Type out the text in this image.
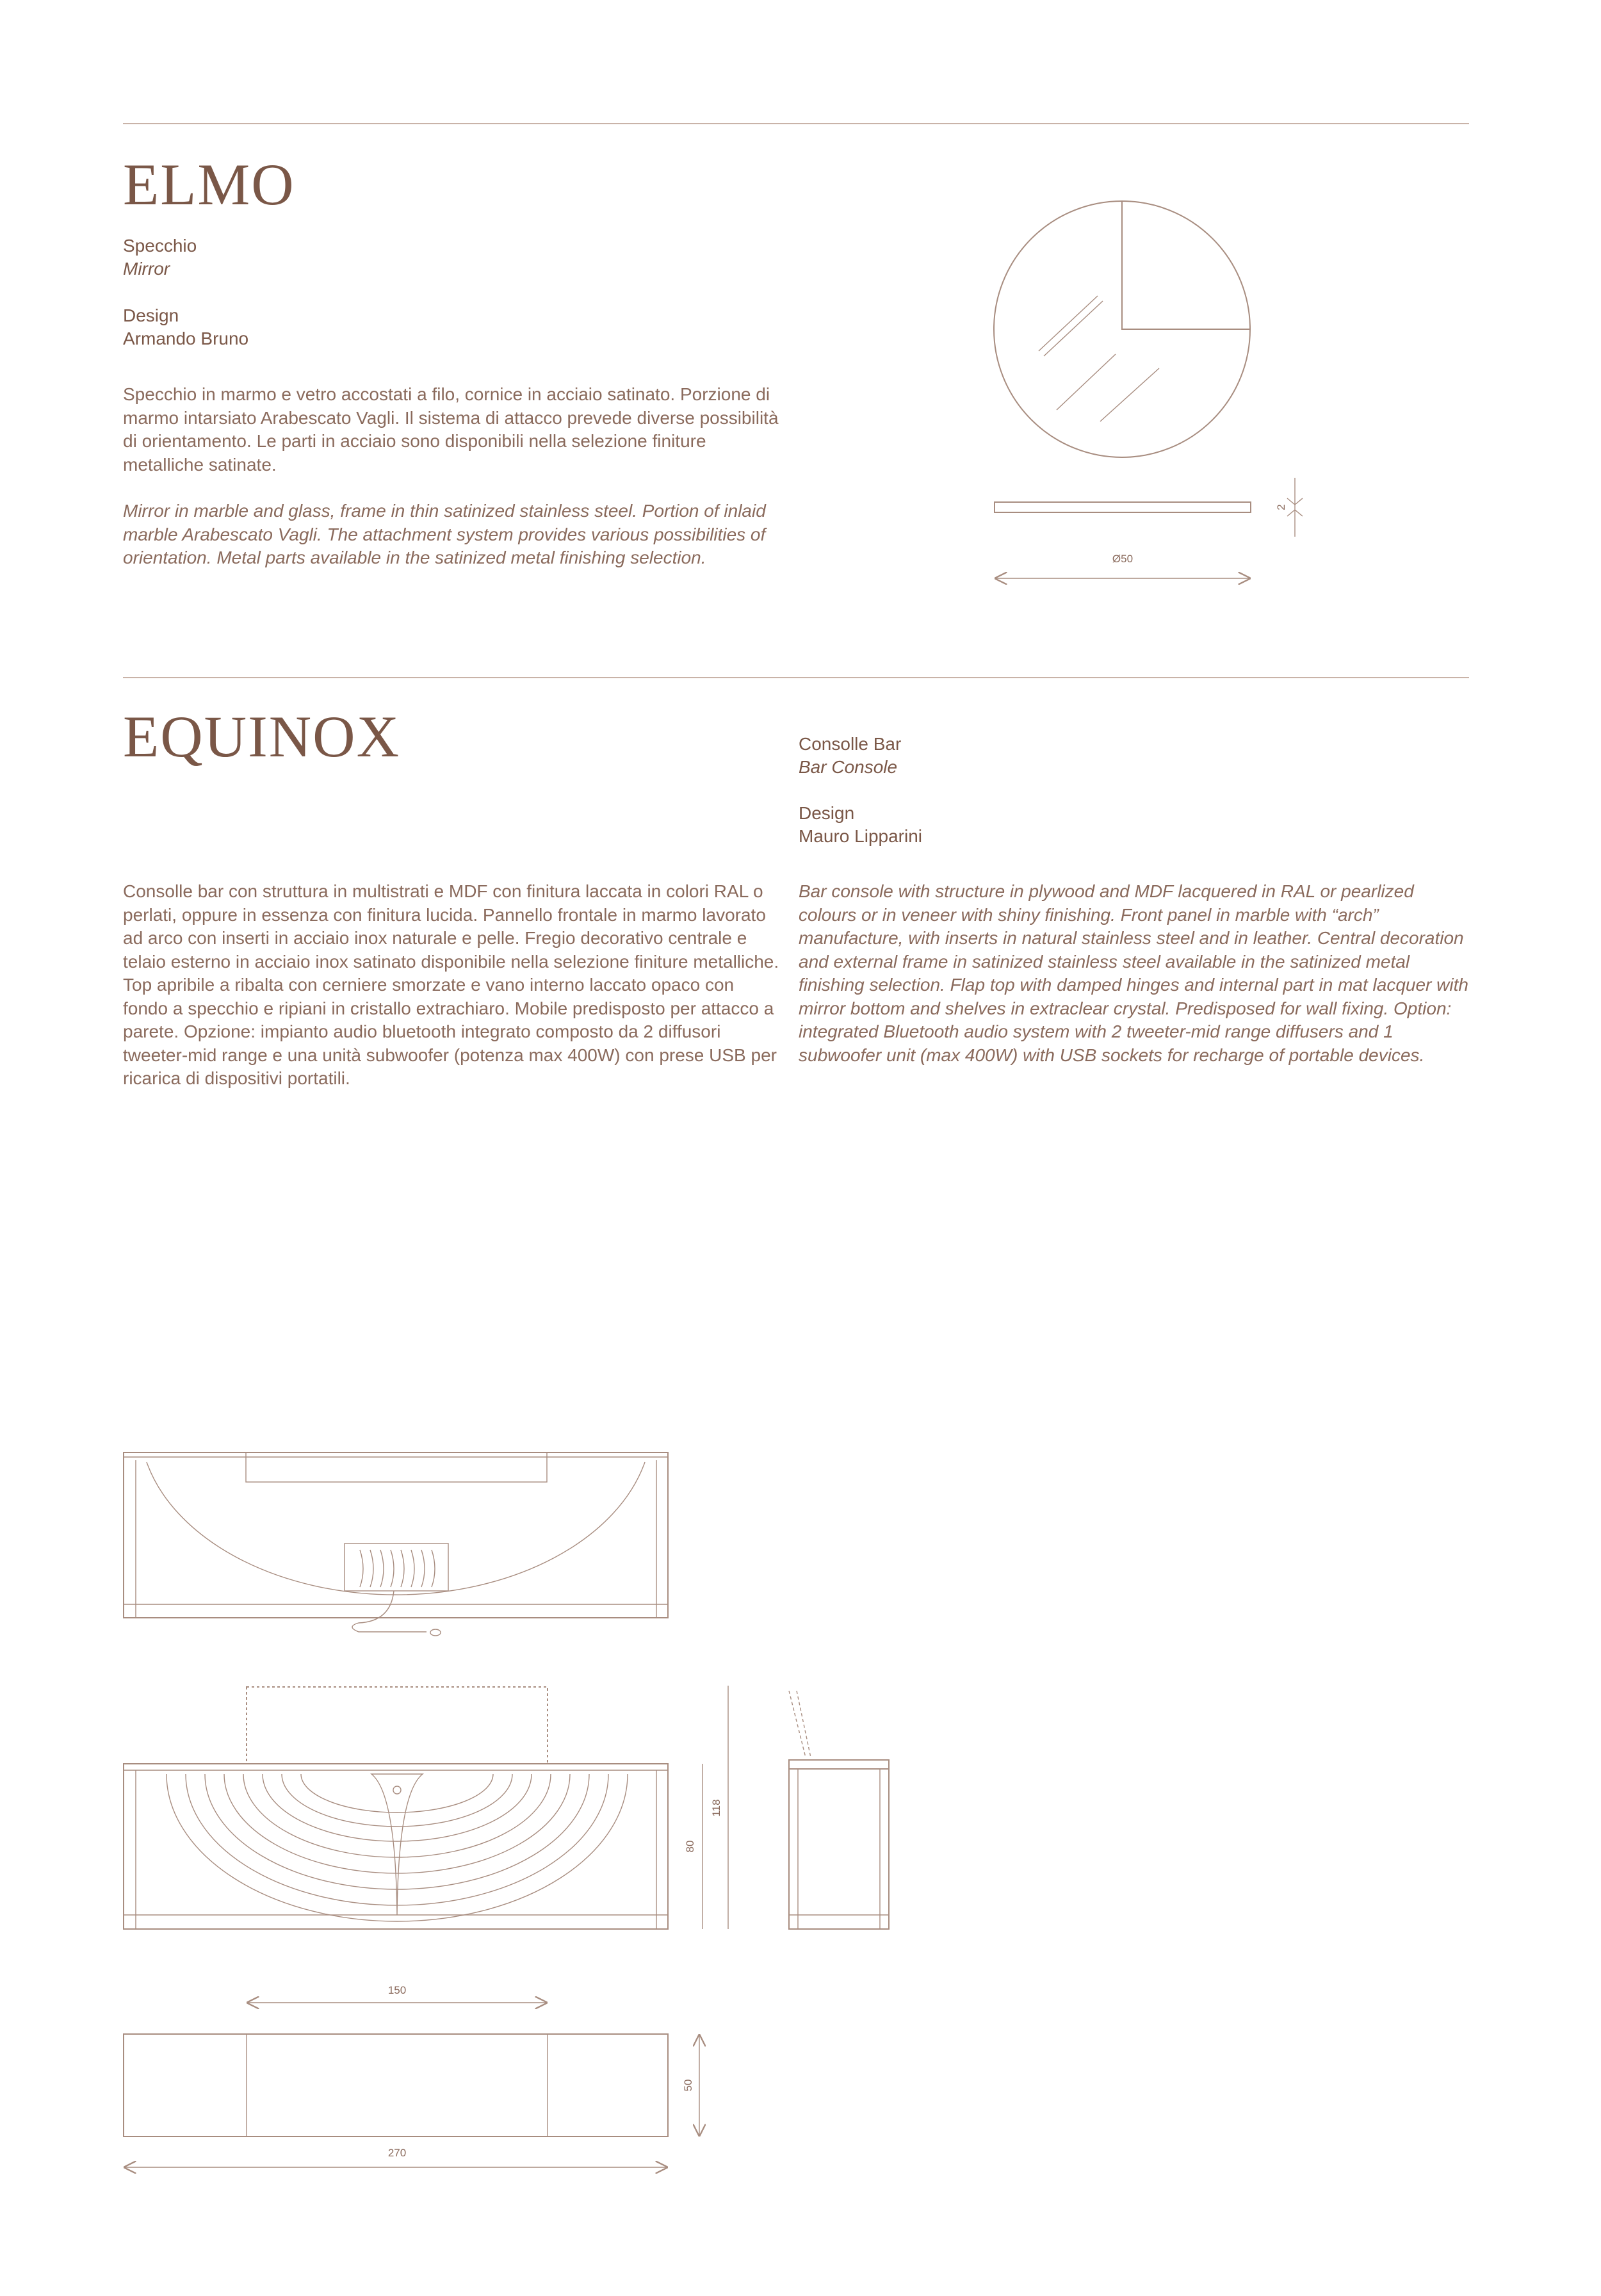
ELMO
Specchio
Mirror
Design
Armando Bruno

Specchio in marmo e vetro accostati a filo, cornice in acciaio satinato. Porzione di marmo intarsiato Arabescato Vagli. Il sistema di attacco prevede diverse possibilità di orientamento. Le parti in acciaio sono disponibili nella selezione finiture metalliche satinate.

Mirror in marble and glass, frame in thin satinized stainless steel. Portion of inlaid marble Arabescato Vagli. The attachment system provides various possibilities of orientation. Metal parts available in the satinized metal finishing selection.

EQUINOX	Consolle Bar
Bar Console
Design
Mauro Lipparini

Consolle bar con struttura in multistrati e MDF con finitura laccata in colori RAL o perlati, oppure in essenza con finitura lucida. Pannello frontale in marmo lavorato ad arco con inserti in acciaio inox naturale e pelle. Fregio decorativo centrale e telaio esterno in acciaio inox satinato disponibile nella selezione finiture metalliche. Top apribile a ribalta con cerniere smorzate e vano interno laccato opaco con fondo a specchio e ripiani in cristallo extrachiaro. Mobile predisposto per attacco a parete. Opzione: impianto audio bluetooth integrato composto da 2 diffusori tweeter-mid range e una unità subwoofer (potenza max 400W) con prese USB per ricarica di dispositivi portatili.

Bar console with structure in plywood and MDF lacquered in RAL or pearlized colours or in veneer with shiny finishing. Front panel in marble with “arch” manufacture, with inserts in natural stainless steel and in leather. Central decoration and external frame in satinized stainless steel available in the satinized metal finishing selection. Flap top with damped hinges and internal part in mat lacquer with mirror bottom and shelves in extraclear crystal. Predisposed for wall fixing. Option: integrated Bluetooth audio system with 2 tweeter-mid range diffusers and 1 subwoofer unit (max 400W) with USB sockets for recharge of portable devices.

2
Ø50
118
80
150
50
270
